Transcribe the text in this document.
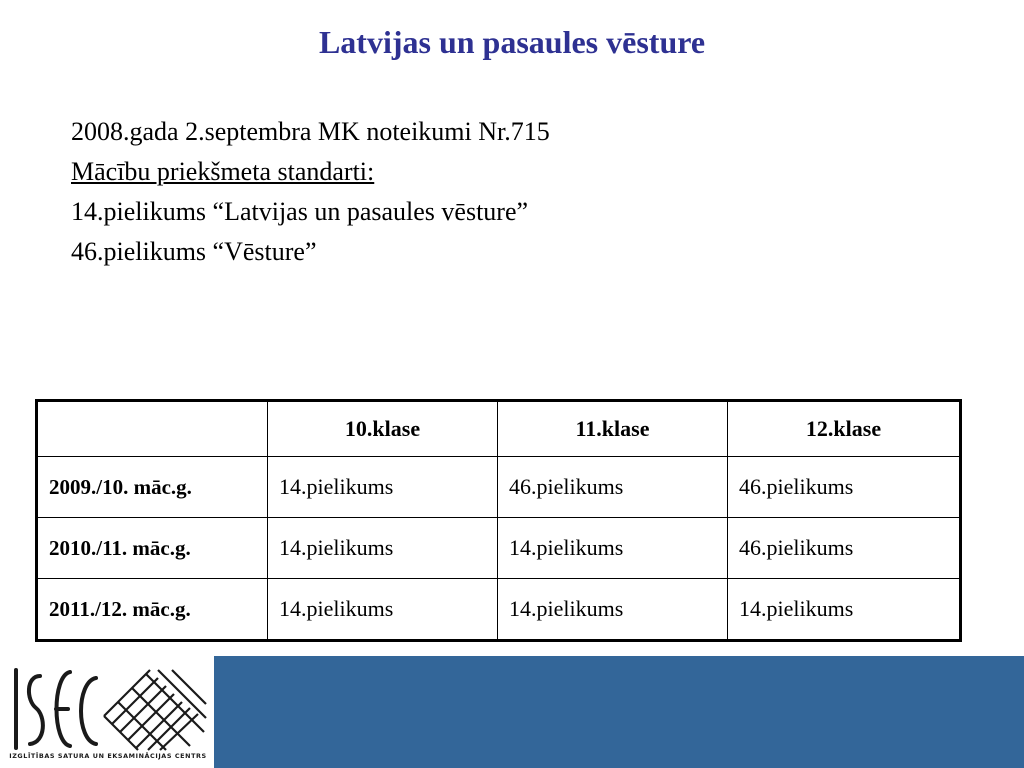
Latvijas un pasaules vēsture
2008.gada 2.septembra MK noteikumi Nr.715
Mācību priekšmeta standarti:
14.pielikums “Latvijas un pasaules vēsture”
46.pielikums “Vēsture”
	10.klase	11.klase	12.klase
2009./10. māc.g.	14.pielikums	46.pielikums	46.pielikums
2010./11. māc.g.	14.pielikums	14.pielikums	46.pielikums
2011./12. māc.g.	14.pielikums	14.pielikums	14.pielikums
IZGLĪTĪBAS SATURA UN EKSAMINĀCIJAS CENTRS
